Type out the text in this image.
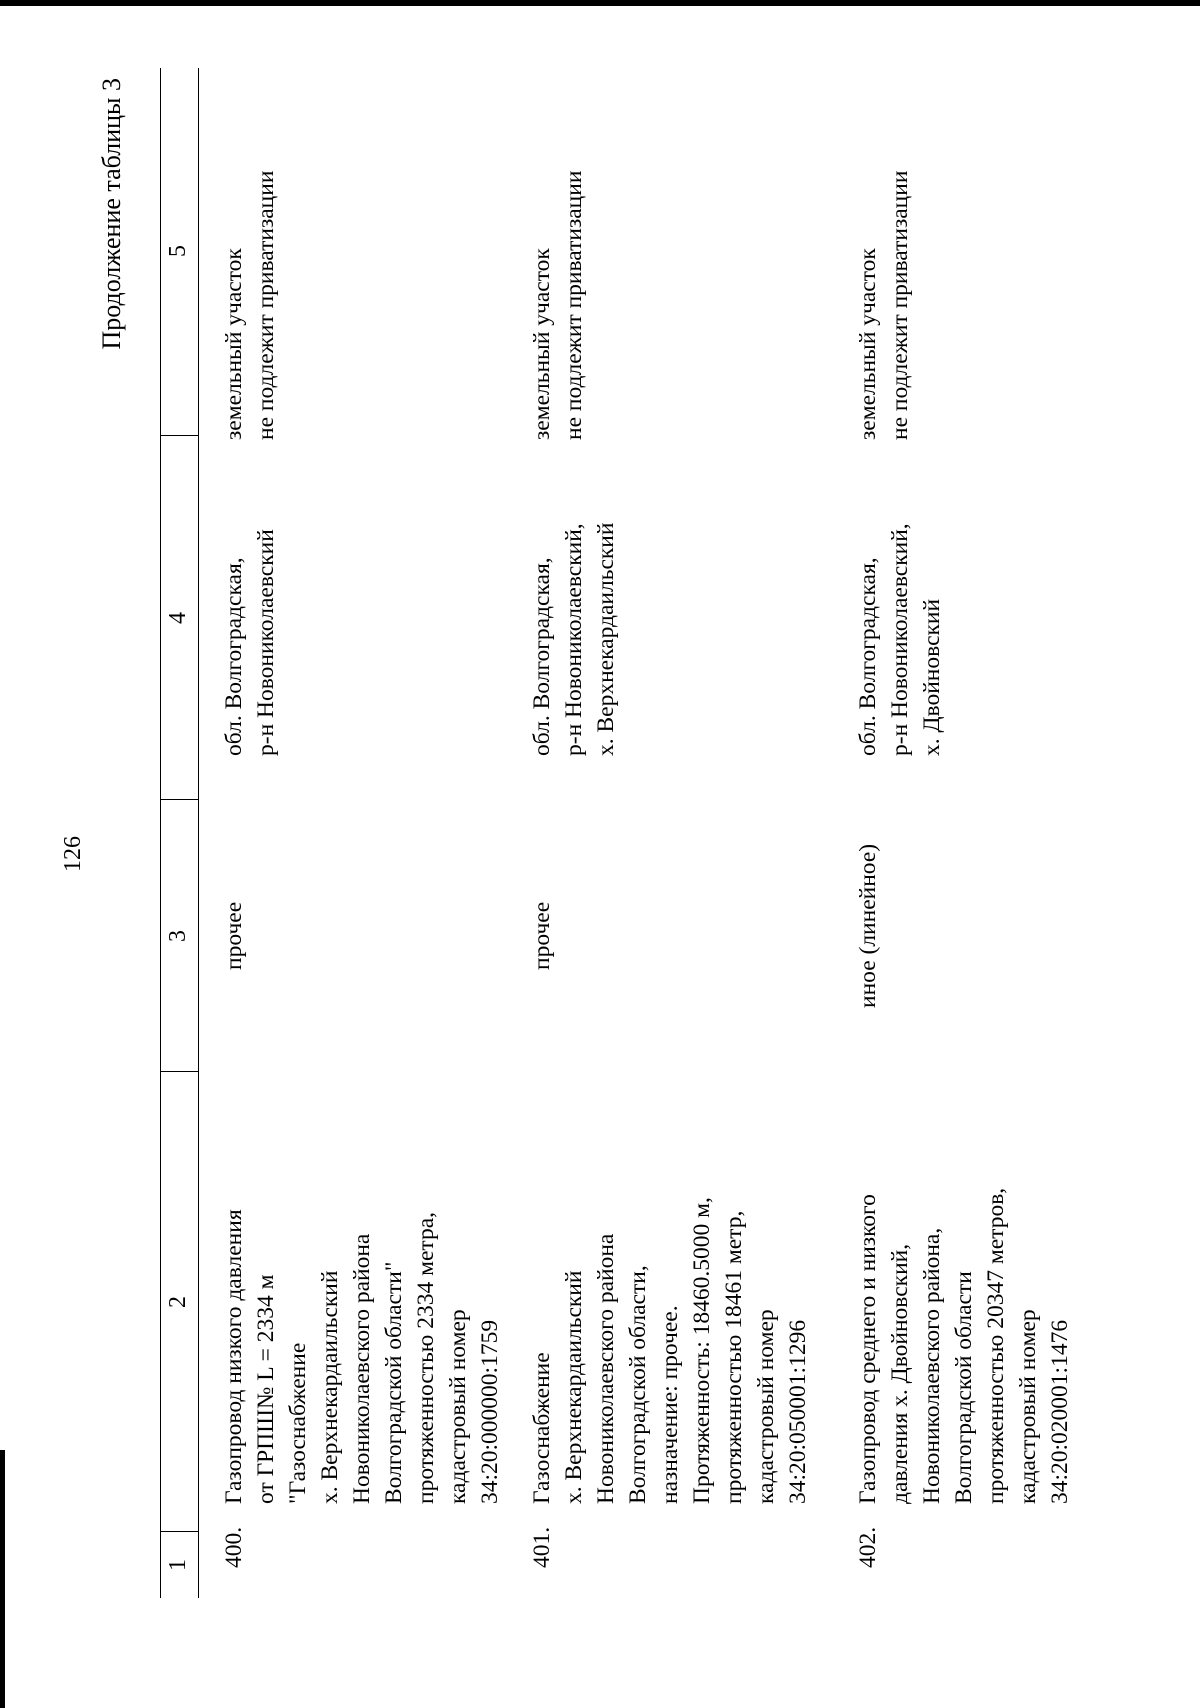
126
Продолжение таблицы 3
1
2
3
4
5
400.
Газопровод низкого давления
от ГРПШ№ L = 2334 м
"Газоснабжение
х. Верхнекардаильский
Новониколаевского района
Волгоградской области"
протяженностью 2334 метра,
кадастровый номер
34:20:000000:1759
прочее
обл. Волгоградская,
р-н Новониколаевский
земельный участок
не подлежит приватизации
401.
Газоснабжение
х. Верхнекардаильский
Новониколаевского района
Волгоградской области,
назначение: прочее.
Протяженность: 18460.5000 м,
протяженностью 18461 метр,
кадастровый номер
34:20:050001:1296
прочее
обл. Волгоградская,
р-н Новониколаевский,
х. Верхнекардаильский
земельный участок
не подлежит приватизации
402.
Газопровод среднего и низкого
давления х. Двойновский,
Новониколаевского района,
Волгоградской области
протяженностью 20347 метров,
кадастровый номер
34:20:020001:1476
иное (линейное)
обл. Волгоградская,
р-н Новониколаевский,
х. Двойновский
земельный участок
не подлежит приватизации
